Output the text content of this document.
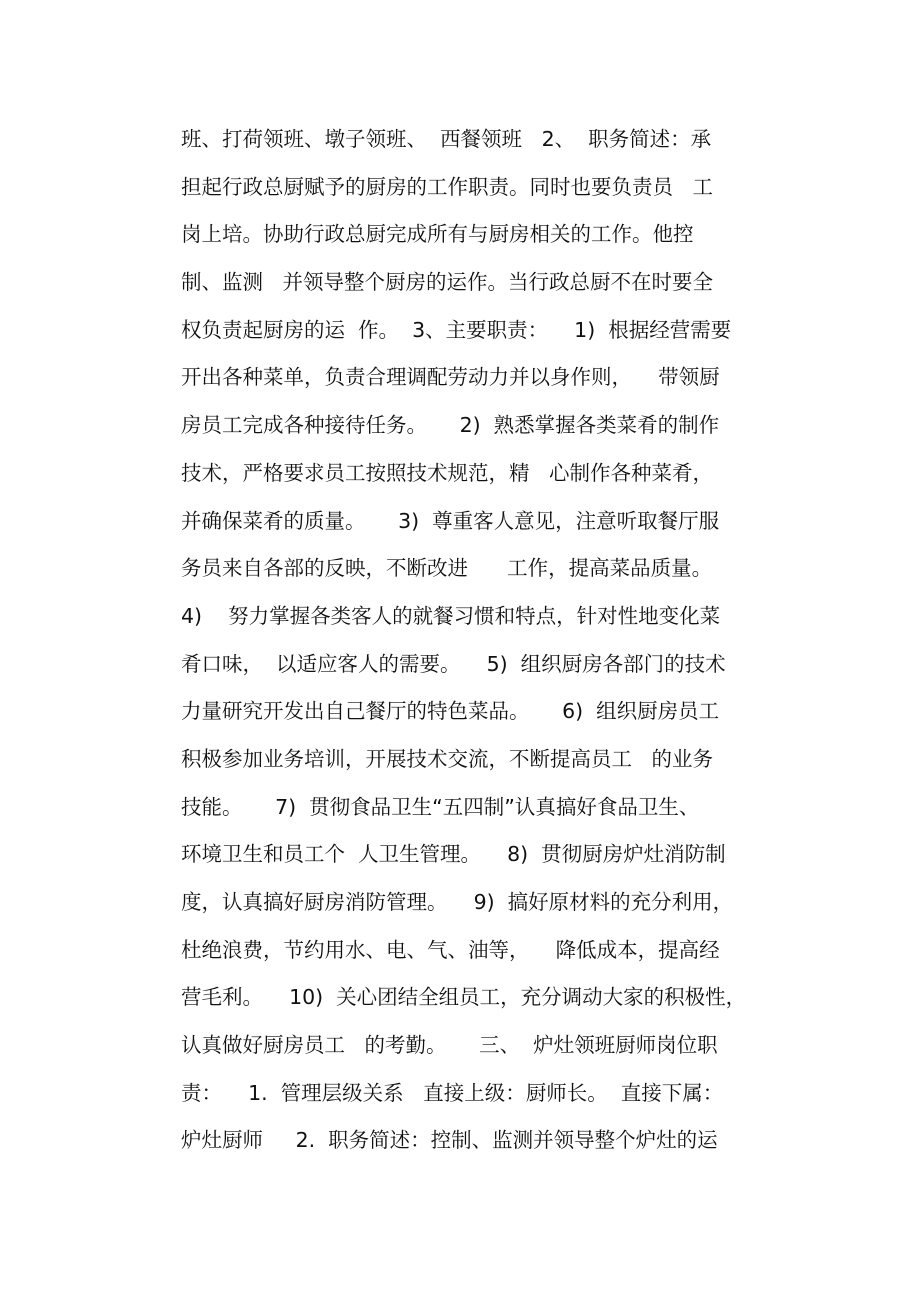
班、打荷领班、墩子领班、  西餐领班   2、  职务简述：承
担起行政总厨赋予的厨房的工作职责。同时也要负责员   工
岗上培。协助行政总厨完成所有与厨房相关的工作。他控
制、监测   并领导整个厨房的运作。当行政总厨不在时要全
权负责起厨房的运  作。  3、主要职责：    1)  根据经营需要
开出各种菜单，负责合理调配劳动力并以身作则，    带领厨
房员工完成各种接待任务。     2)  熟悉掌握各类菜肴的制作
技术，严格要求员工按照技术规范，精   心制作各种菜肴，
并确保菜肴的质量。     3)  尊重客人意见，注意听取餐厅服
务员来自各部的反映，不断改进      工作，提高菜品质量。
4)    努力掌握各类客人的就餐习惯和特点，针对性地变化菜
肴口味，  以适应客人的需要。    5)  组织厨房各部门的技术
力量研究开发出自己餐厅的特色菜品。     6)  组织厨房员工
积极参加业务培训，开展技术交流，不断提高员工   的业务
技能。     7)  贯彻食品卫生“五四制”认真搞好食品卫生、
环境卫生和员工个  人卫生管理。    8)  贯彻厨房炉灶消防制
度，认真搞好厨房消防管理。    9)  搞好原材料的充分利用，
杜绝浪费，节约用水、电、气、油等，    降低成本，提高经
营毛利。    10)  关心团结全组员工，充分调动大家的积极性，
认真做好厨房员工   的考勤。     三、  炉灶领班厨师岗位职
责：    1.  管理层级关系   直接上级：厨师长。  直接下属：
炉灶厨师     2.  职务简述：控制、监测并领导整个炉灶的运
